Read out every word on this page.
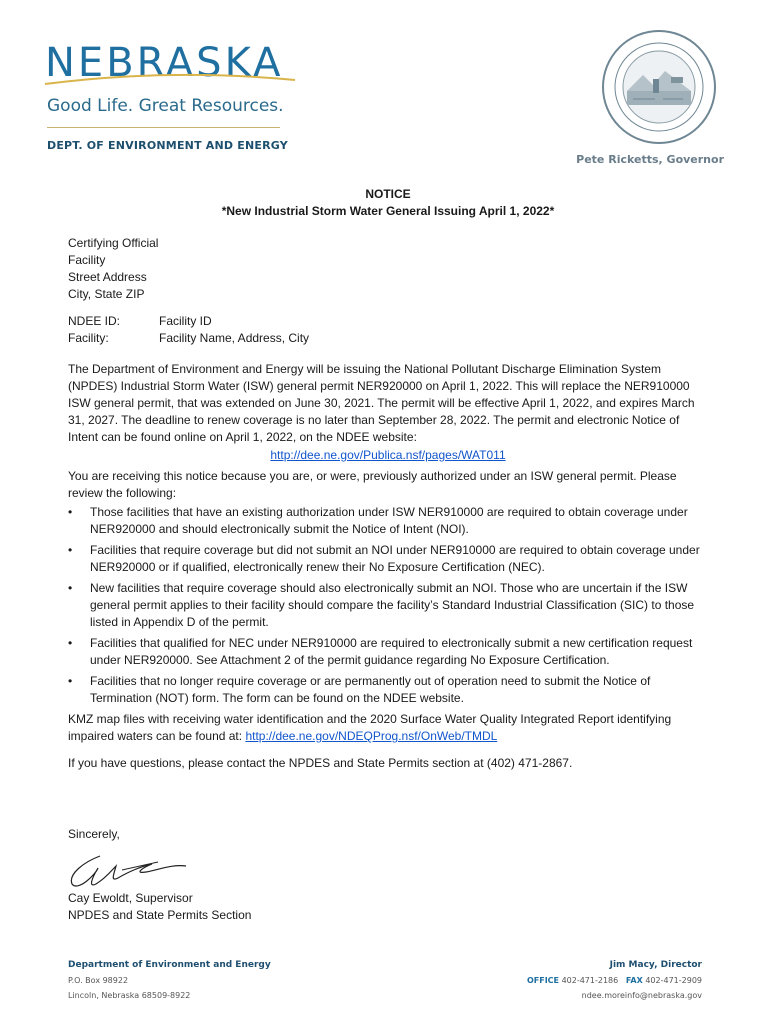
NEBRASKA
Good Life. Great Resources.
DEPT. OF ENVIRONMENT AND ENERGY
Pete Ricketts, Governor

NOTICE

*New Industrial Storm Water General Issuing April 1, 2022*

Certifying Official

Facility

Street Address

City, State ZIP

NDEE ID:	Facility ID
Facility:	Facility Name, Address, City

The Department of Environment and Energy will be issuing the National Pollutant Discharge Elimination System (NPDES) Industrial Storm Water (ISW) general permit NER920000 on April 1, 2022. This will replace the NER910000 ISW general permit, that was extended on June 30, 2021. The permit will be effective April 1, 2022, and expires March 31, 2027. The deadline to renew coverage is no later than September 28, 2022. The permit and electronic Notice of Intent can be found online on April 1, 2022, on the NDEE website:

http://dee.ne.gov/Publica.nsf/pages/WAT011

You are receiving this notice because you are, or were, previously authorized under an ISW general permit. Please review the following:

• Those facilities that have an existing authorization under ISW NER910000 are required to obtain coverage under NER920000 and should electronically submit the Notice of Intent (NOI).
• Facilities that require coverage but did not submit an NOI under NER910000 are required to obtain coverage under NER920000 or if qualified, electronically renew their No Exposure Certification (NEC).
• New facilities that require coverage should also electronically submit an NOI. Those who are uncertain if the ISW general permit applies to their facility should compare the facility’s Standard Industrial Classification (SIC) to those listed in Appendix D of the permit.
• Facilities that qualified for NEC under NER910000 are required to electronically submit a new certification request under NER920000. See Attachment 2 of the permit guidance regarding No Exposure Certification.
• Facilities that no longer require coverage or are permanently out of operation need to submit the Notice of Termination (NOT) form. The form can be found on the NDEE website.

KMZ map files with receiving water identification and the 2020 Surface Water Quality Integrated Report identifying impaired waters can be found at: http://dee.ne.gov/NDEQProg.nsf/OnWeb/TMDL

If you have questions, please contact the NPDES and State Permits section at (402) 471-2867.

Sincerely,
Cay Ewoldt, Supervisor
NPDES and State Permits Section
Department of Environment and Energy
P.O. Box 98922
Lincoln, Nebraska 68509-8922
Jim Macy, Director
OFFICE 402-471-2186 FAX 402-471-2909
ndee.moreinfo@nebraska.gov
